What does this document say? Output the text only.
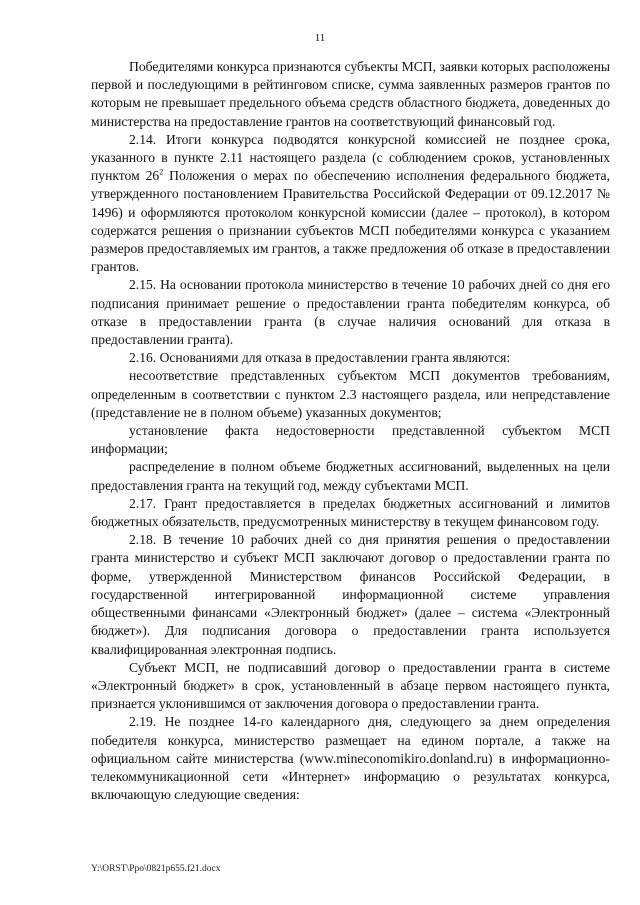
11

Победителями конкурса признаются субъекты МСП, заявки которых расположены первой и последующими в рейтинговом списке, сумма заявленных размеров грантов по которым не превышает предельного объема средств областного бюджета, доведенных до министерства на предоставление грантов на соответствующий финансовый год.

2.14. Итоги конкурса подводятся конкурсной комиссией не позднее срока, указанного в пункте 2.11 настоящего раздела (с соблюдением сроков, установленных пунктом $26^2$ Положения о мерах по обеспечению исполнения федерального бюджета, утвержденного постановлением Правительства Российской Федерации от 09.12.2017 № 1496) и оформляются протоколом конкурсной комиссии (далее – протокол), в котором содержатся решения о признании субъектов МСП победителями конкурса с указанием размеров предоставляемых им грантов, а также предложения об отказе в предоставлении грантов.

2.15. На основании протокола министерство в течение 10 рабочих дней со дня его подписания принимает решение о предоставлении гранта победителям конкурса, об отказе в предоставлении гранта (в случае наличия оснований для отказа в предоставлении гранта).

2.16. Основаниями для отказа в предоставлении гранта являются:

несоответствие представленных субъектом МСП документов требованиям, определенным в соответствии с пунктом 2.3 настоящего раздела, или непредставление (представление не в полном объеме) указанных документов;

установление факта недостоверности представленной субъектом МСП информации;

распределение в полном объеме бюджетных ассигнований, выделенных на цели предоставления гранта на текущий год, между субъектами МСП.

2.17. Грант предоставляется в пределах бюджетных ассигнований и лимитов бюджетных обязательств, предусмотренных министерству в текущем финансовом году.

2.18. В течение 10 рабочих дней со дня принятия решения о предоставлении гранта министерство и субъект МСП заключают договор о предоставлении гранта по форме, утвержденной Министерством финансов Российской Федерации, в государственной интегрированной информационной системе управления общественными финансами «Электронный бюджет» (далее – система «Электронный бюджет»). Для подписания договора о предоставлении гранта используется квалифицированная электронная подпись.

Субъект МСП, не подписавший договор о предоставлении гранта в системе «Электронный бюджет» в срок, установленный в абзаце первом настоящего пункта, признается уклонившимся от заключения договора о предоставлении гранта.

2.19. Не позднее 14-го календарного дня, следующего за днем определения победителя конкурса, министерство размещает на едином портале, а также на официальном сайте министерства (www.mineconomikiro.donland.ru) в информационно-телекоммуникационной сети «Интернет» информацию о результатах конкурса, включающую следующие сведения:

Y:\ORST\Ppo\0821p655.f21.docx
